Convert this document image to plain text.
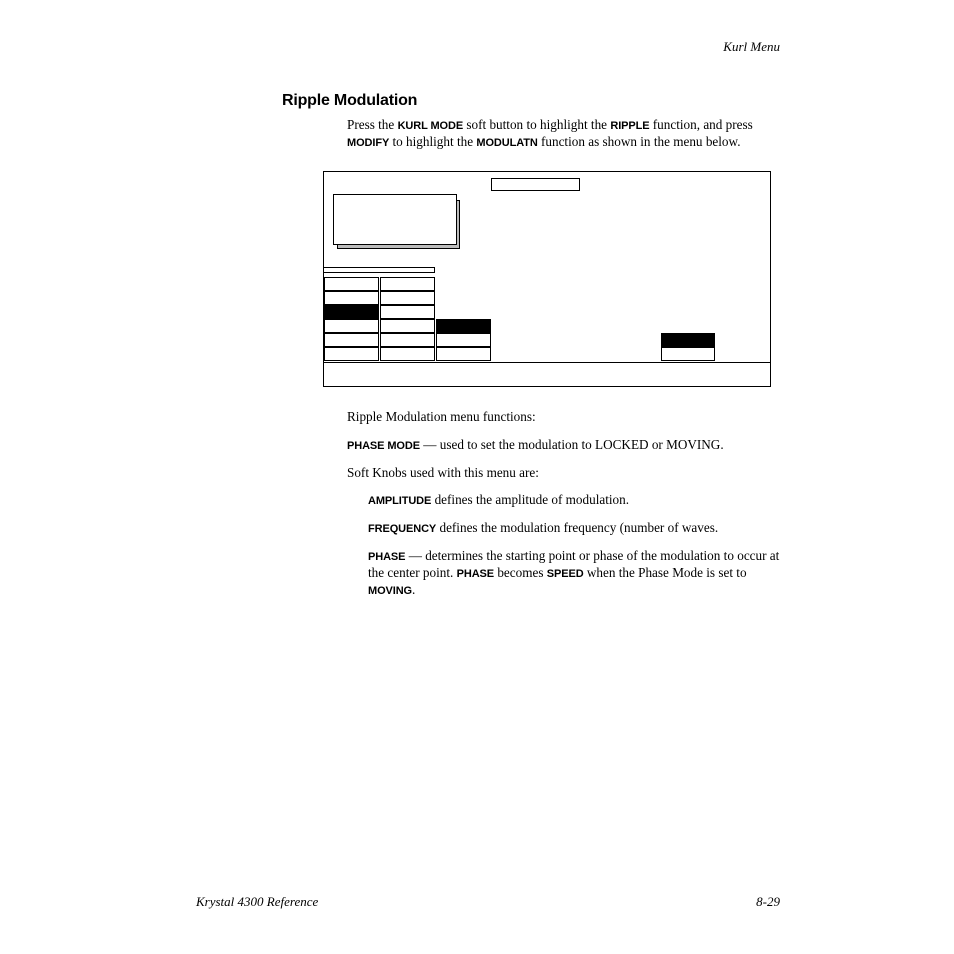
Kurl Menu
Ripple Modulation
Press the KURL MODE soft button to highlight the RIPPLE function, and press MODIFY to highlight the MODULATN function as shown in the menu below.
Ripple Modulation menu functions:
PHASE MODE — used to set the modulation to LOCKED or MOVING.
Soft Knobs used with this menu are:
AMPLITUDE defines the amplitude of modulation.
FREQUENCY defines the modulation frequency (number of waves.
PHASE — determines the starting point or phase of the modulation to occur at the center point. PHASE becomes SPEED when the Phase Mode is set to MOVING.
Krystal 4300 Reference	8-29
